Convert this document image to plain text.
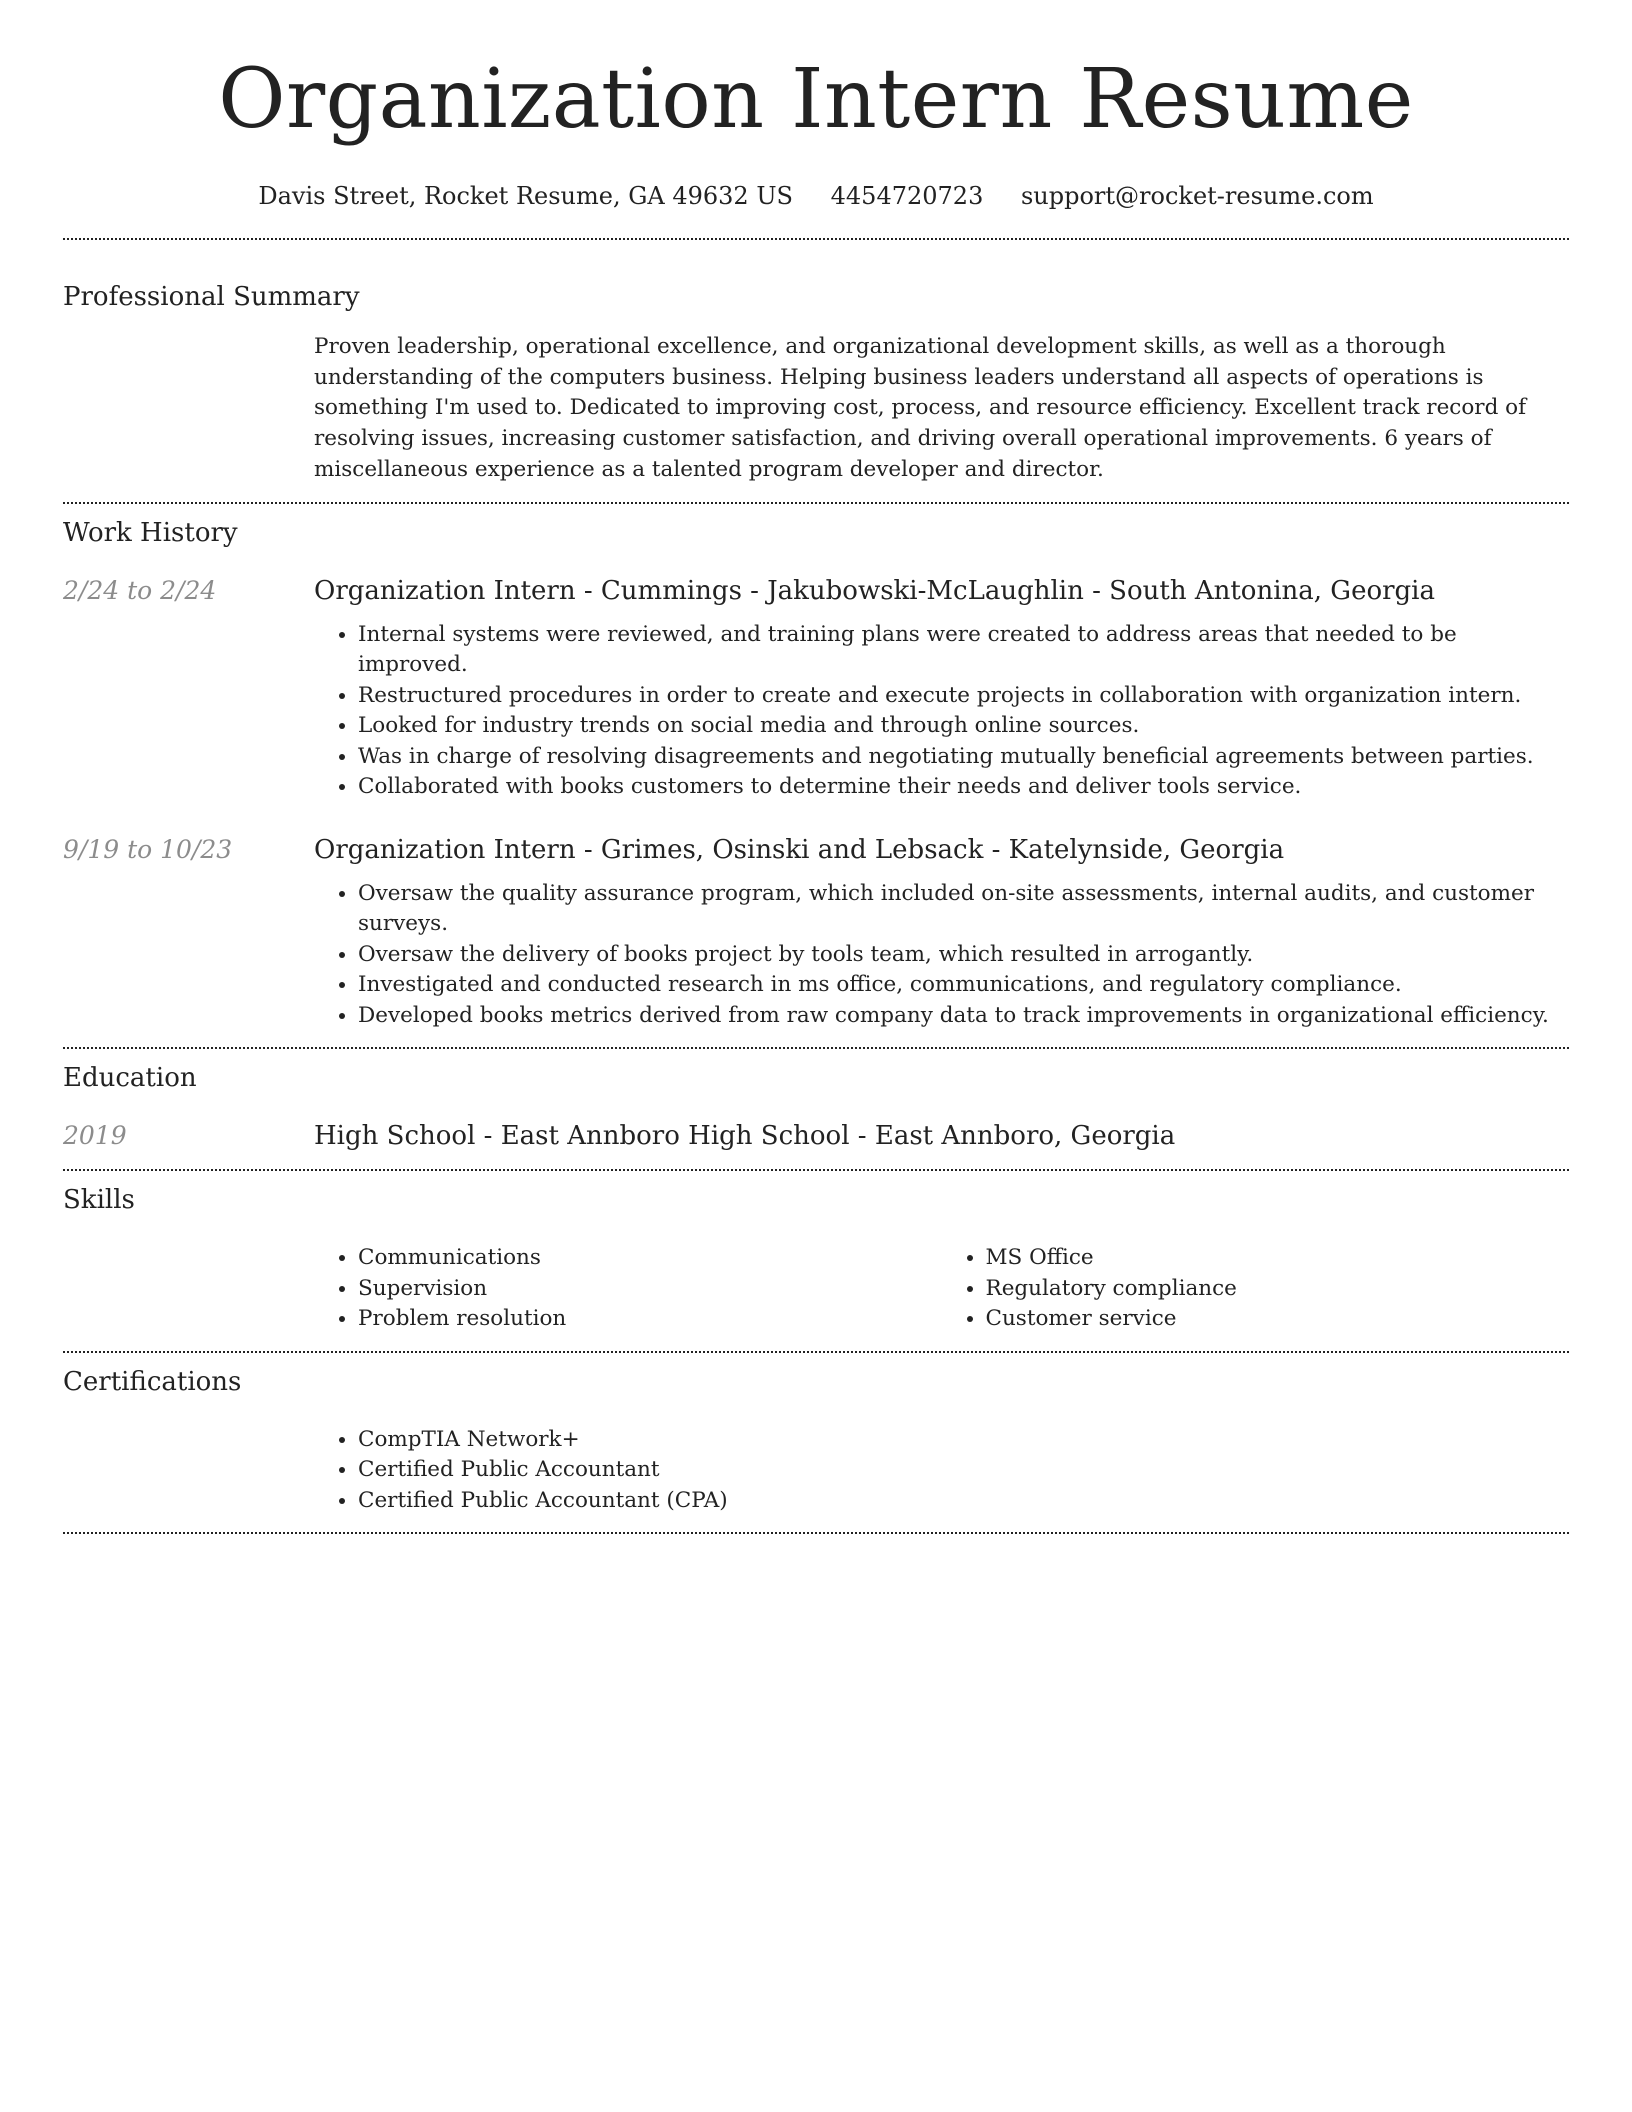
Organization Intern Resume
Davis Street, Rocket Resume, GA 49632 US 4454720723 support@rocket-resume.com
Professional Summary

Proven leadership, operational excellence, and organizational development skills, as well as a thorough understanding of the computers business. Helping business leaders understand all aspects of operations is something I'm used to. Dedicated to improving cost, process, and resource efficiency. Excellent track record of resolving issues, increasing customer satisfaction, and driving overall operational improvements. 6 years of miscellaneous experience as a talented program developer and director.

Work History
2/24 to 2/24	Organization Intern - Cummings - Jakubowski-McLaughlin - South Antonina, Georgia
• Internal systems were reviewed, and training plans were created to address areas that needed to be improved.
• Restructured procedures in order to create and execute projects in collaboration with organization intern.
• Looked for industry trends on social media and through online sources.
• Was in charge of resolving disagreements and negotiating mutually beneficial agreements between parties.
• Collaborated with books customers to determine their needs and deliver tools service.
9/19 to 10/23	Organization Intern - Grimes, Osinski and Lebsack - Katelynside, Georgia
• Oversaw the quality assurance program, which included on-site assessments, internal audits, and customer surveys.
• Oversaw the delivery of books project by tools team, which resulted in arrogantly.
• Investigated and conducted research in ms office, communications, and regulatory compliance.
• Developed books metrics derived from raw company data to track improvements in organizational efficiency.
Education
2019	High School - East Annboro High School - East Annboro, Georgia
Skills
• Communications
• Supervision
• Problem resolution
• MS Office
• Regulatory compliance
• Customer service
Certifications
• CompTIA Network+
• Certified Public Accountant
• Certified Public Accountant (CPA)
